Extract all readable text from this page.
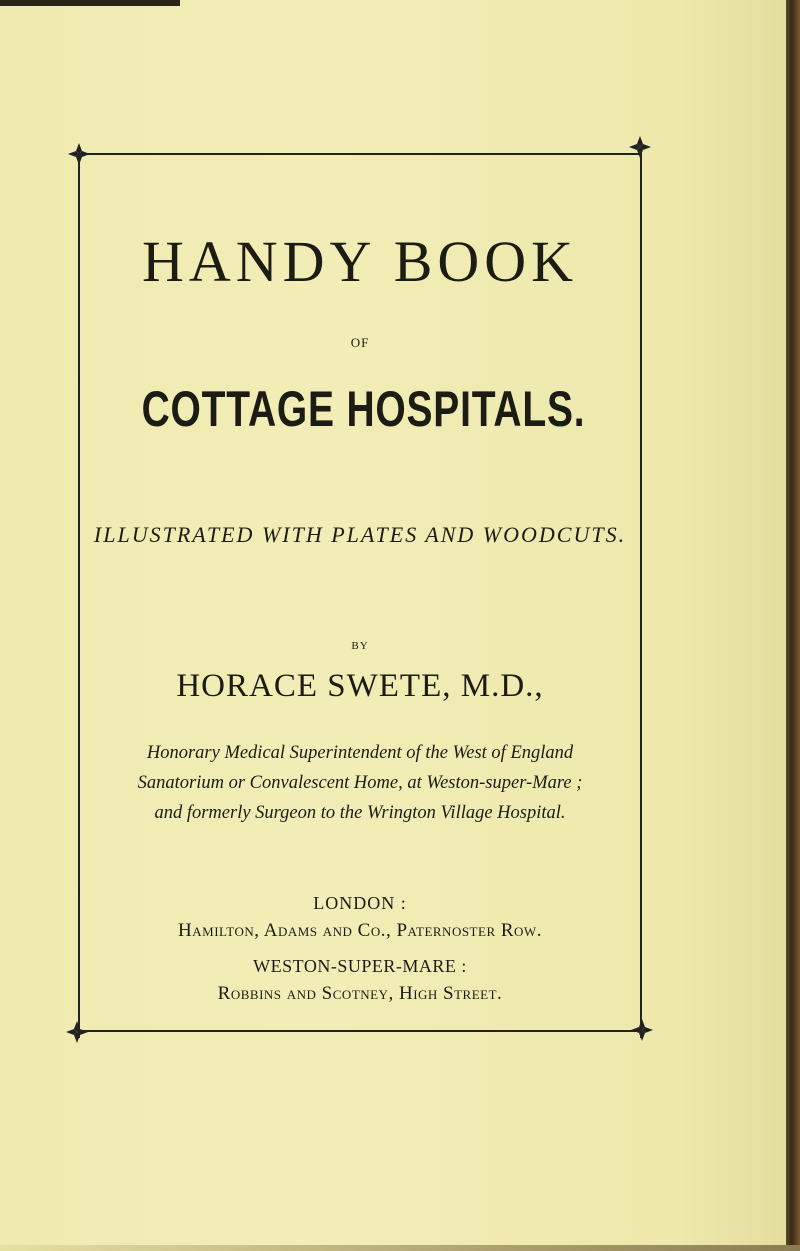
HANDY BOOK
OF
COTTAGE HOSPITALS.
ILLUSTRATED WITH PLATES AND WOODCUTS.
BY
HORACE SWETE, M.D.,
Honorary Medical Superintendent of the West of England
Sanatorium or Convalescent Home, at Weston-super-Mare ;
and formerly Surgeon to the Wrington Village Hospital.
LONDON :
Hamilton, Adams and Co., Paternoster Row.
WESTON-SUPER-MARE :
Robbins and Scotney, High Street.
